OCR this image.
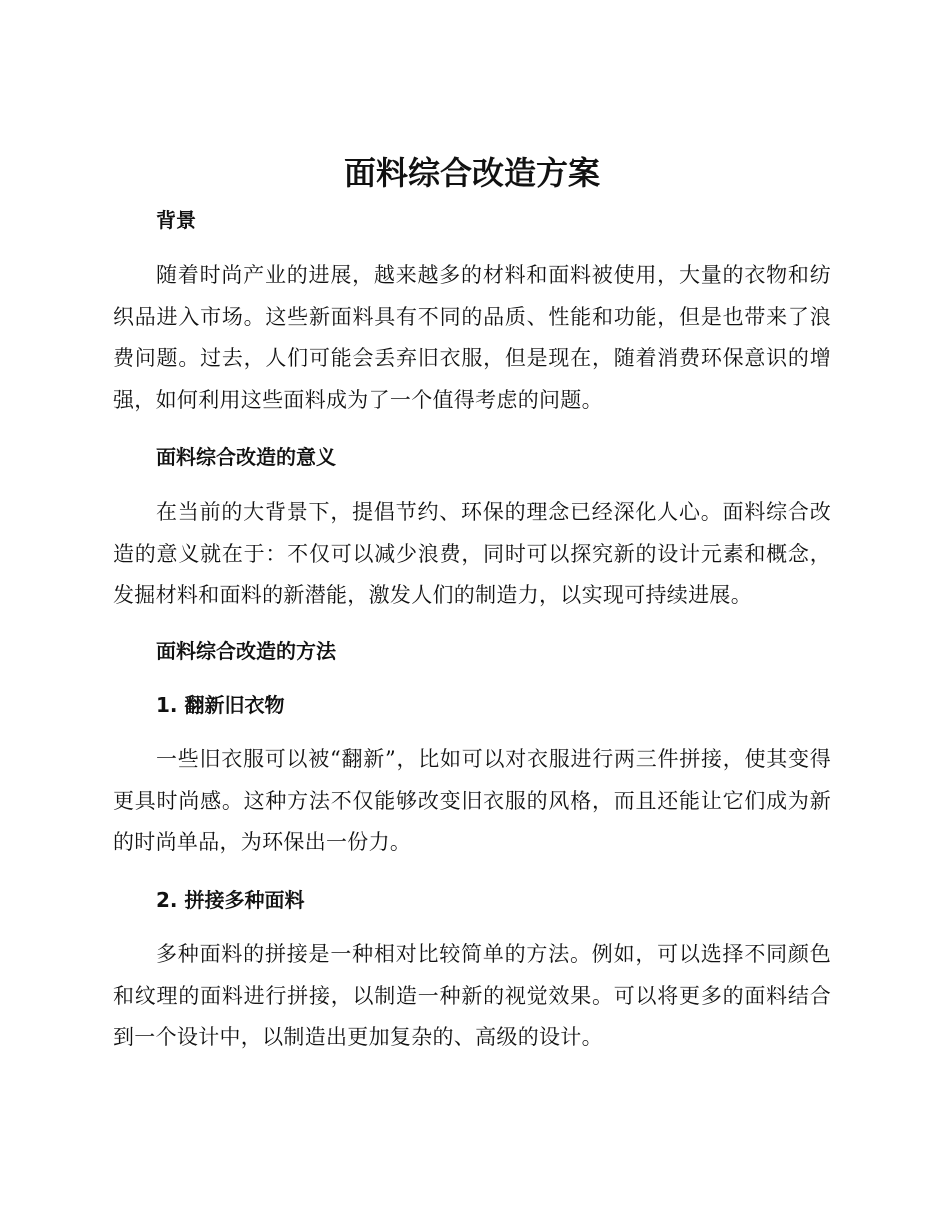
面料综合改造方案
背景

随着时尚产业的进展，越来越多的材料和面料被使用，大量的衣物和纺织品进入市场。这些新面料具有不同的品质、性能和功能，但是也带来了浪费问题。过去，人们可能会丢弃旧衣服，但是现在，随着消费环保意识的增强，如何利用这些面料成为了一个值得考虑的问题。

面料综合改造的意义

在当前的大背景下，提倡节约、环保的理念已经深化人心。面料综合改造的意义就在于：不仅可以减少浪费，同时可以探究新的设计元素和概念，发掘材料和面料的新潜能，激发人们的制造力，以实现可持续进展。

面料综合改造的方法
1. 翻新旧衣物

一些旧衣服可以被“翻新”，比如可以对衣服进行两三件拼接，使其变得更具时尚感。这种方法不仅能够改变旧衣服的风格，而且还能让它们成为新的时尚单品，为环保出一份力。

2. 拼接多种面料

多种面料的拼接是一种相对比较简单的方法。例如，可以选择不同颜色和纹理的面料进行拼接，以制造一种新的视觉效果。可以将更多的面料结合到一个设计中，以制造出更加复杂的、高级的设计。
